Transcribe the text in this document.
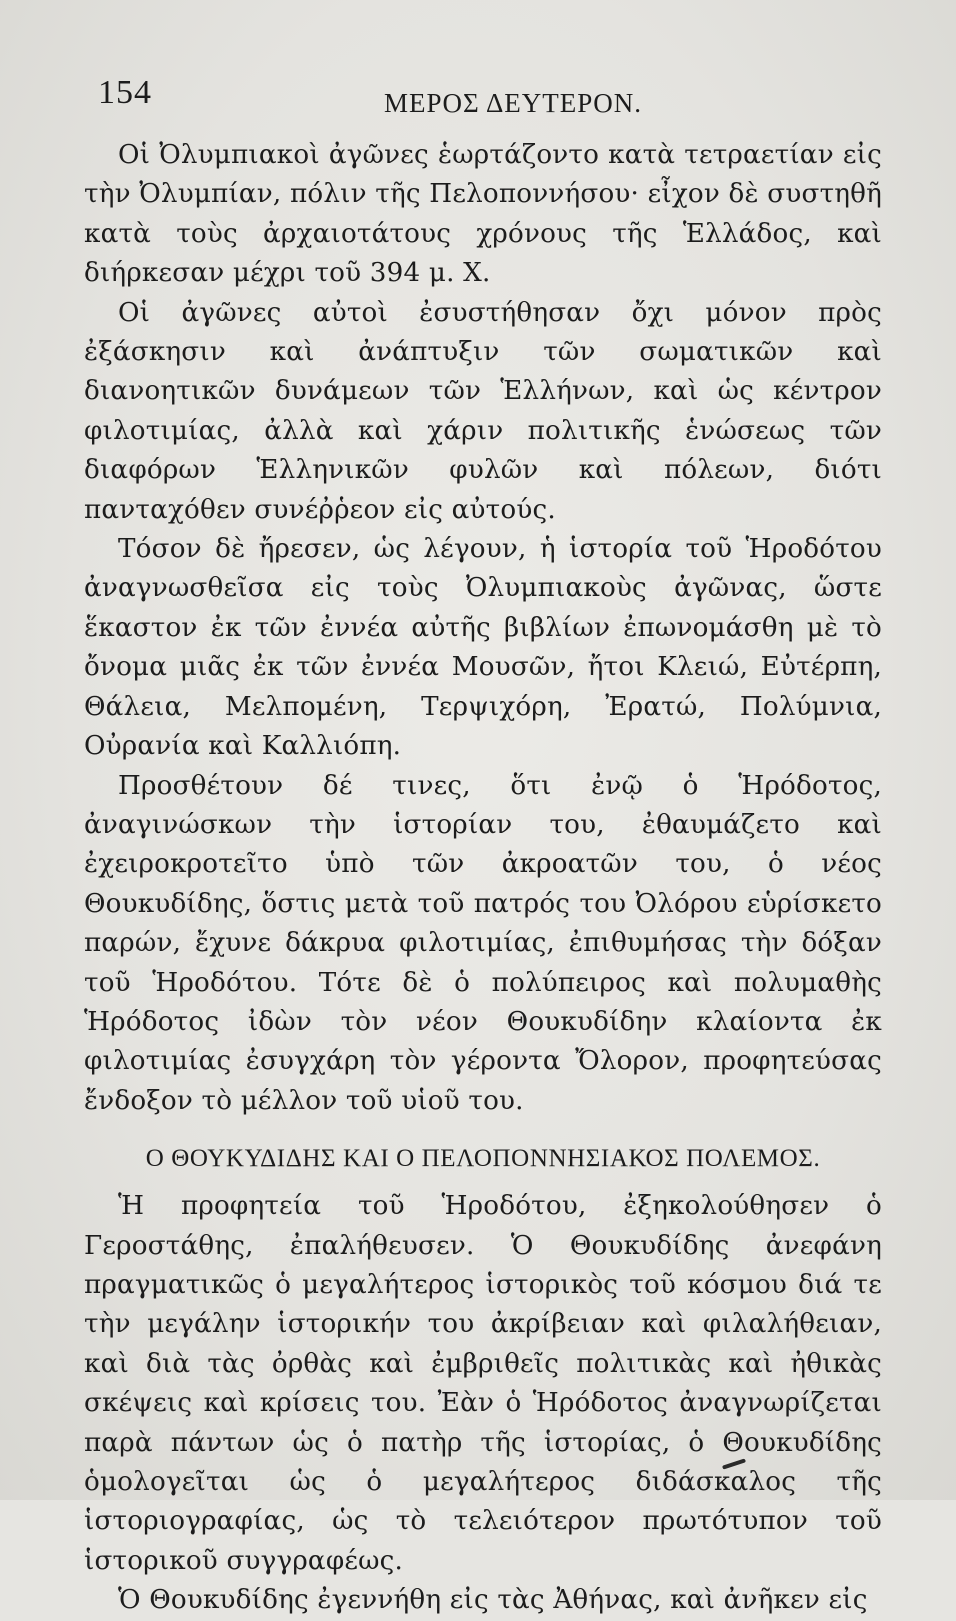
154	ΜΕΡΟΣ ΔΕΥΤΕΡΟΝ.

Οἱ Ὀλυμπιακοὶ ἀγῶνες ἑωρτάζοντο κατὰ τετραετίαν εἰς τὴν Ὀλυμπίαν, πόλιν τῆς Πελοποννήσου· εἶχον δὲ συστηθῆ κατὰ τοὺς ἀρχαιοτάτους χρόνους τῆς Ἑλλάδος, καὶ διήρκεσαν μέχρι τοῦ 394 μ. Χ.

Οἱ ἀγῶνες αὐτοὶ ἐσυστήθησαν ὄχι μόνον πρὸς ἐξάσκησιν καὶ ἀνάπτυξιν τῶν σωματικῶν καὶ διανοητικῶν δυνάμεων τῶν Ἑλλήνων, καὶ ὡς κέντρον φιλοτιμίας, ἀλλὰ καὶ χάριν πολιτικῆς ἑνώσεως τῶν διαφόρων Ἑλληνικῶν φυλῶν καὶ πόλεων, διότι πανταχόθεν συνέῤῥεον εἰς αὐτούς.

Τόσον δὲ ἤρεσεν, ὡς λέγουν, ἡ ἱστορία τοῦ Ἡροδότου ἀναγνωσθεῖσα εἰς τοὺς Ὀλυμπιακοὺς ἀγῶνας, ὥστε ἕκαστον ἐκ τῶν ἐννέα αὐτῆς βιβλίων ἐπωνομάσθη μὲ τὸ ὄνομα μιᾶς ἐκ τῶν ἐννέα Μουσῶν, ἤτοι Κλειώ, Εὐτέρπη, Θάλεια, Μελπομένη, Τερψιχόρη, Ἐρατώ, Πολύμνια, Οὐρανία καὶ Καλλιόπη.

Προσθέτουν δέ τινες, ὅτι ἐνῷ ὁ Ἡρόδοτος, ἀναγινώσκων τὴν ἱστορίαν του, ἐθαυμάζετο καὶ ἐχειροκροτεῖτο ὑπὸ τῶν ἀκροατῶν του, ὁ νέος Θουκυδίδης, ὅστις μετὰ τοῦ πατρός του Ὀλόρου εὑρίσκετο παρών, ἔχυνε δάκρυα φιλοτιμίας, ἐπιθυμήσας τὴν δόξαν τοῦ Ἡροδότου. Τότε δὲ ὁ πολύπειρος καὶ πολυμαθὴς Ἡρόδοτος ἰδὼν τὸν νέον Θουκυδίδην κλαίοντα ἐκ φιλοτιμίας ἐσυγχάρη τὸν γέροντα Ὄλορον, προφητεύσας ἔνδοξον τὸ μέλλον τοῦ υἱοῦ του.

Ο ΘΟΥΚΥΔΙΔΗΣ ΚΑΙ Ο ΠΕΛΟΠΟΝΝΗΣΙΑΚΟΣ ΠΟΛΕΜΟΣ.

Ἡ προφητεία τοῦ Ἡροδότου, ἐξηκολούθησεν ὁ Γεροστάθης, ἐπαλήθευσεν. Ὁ Θουκυδίδης ἀνεφάνη πραγματικῶς ὁ μεγαλήτερος ἱστορικὸς τοῦ κόσμου διά τε τὴν μεγάλην ἱστορικήν του ἀκρίβειαν καὶ φιλαλήθειαν, καὶ διὰ τὰς ὀρθὰς καὶ ἐμβριθεῖς πολιτικὰς καὶ ἠθικὰς σκέψεις καὶ κρίσεις του. Ἐὰν ὁ Ἡρόδοτος ἀναγνωρίζεται παρὰ πάντων ὡς ὁ πατὴρ τῆς ἱστορίας, ὁ Θουκυδίδης ὁμολογεῖται ὡς ὁ μεγαλήτερος διδάσκαλος τῆς ἱστοριογραφίας, ὡς τὸ τελειότερον πρωτότυπον τοῦ ἱστορικοῦ συγγραφέως.

Ὁ Θουκυδίδης ἐγεννήθη εἰς τὰς Ἀθήνας, καὶ ἀνῆκεν εἰς
